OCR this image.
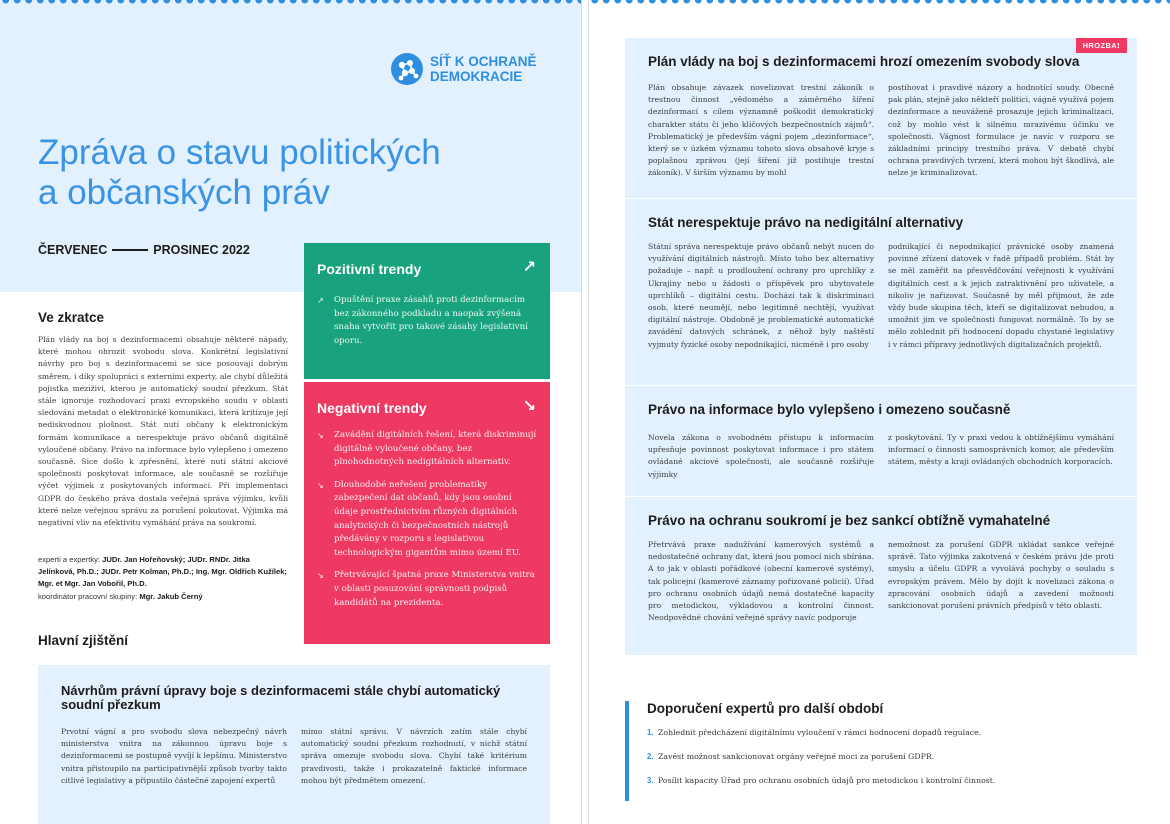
SÍŤ K OCHRANĚ
DEMOKRACIE
Zpráva o stavu politických
a občanských práv
ČERVENEC	PROSINEC 2022
Ve zkratce

Plán vlády na boj s dezinformacemi obsahuje některé nápady, které mohou ohrozit svobodu slova. Konkrétní legislativní návrhy pro boj s dezinformacemi se sice posouvají dobrým směrem, i díky spolupráci s externími experty, ale chybí důležitá pojistka meziživí, kterou je automatický soudní přezkum. Stát stále ignoruje rozhodovací praxi evropského soudu v oblasti sledování metadat o elektronické komunikaci, která kritizuje její nediskvodnou plošnost. Stát nutí občany k elektronickým formám komunikace a nerespektuje právo občanů digitálně vyloučené občany. Právo na informace bylo vylepšeno i omezeno současně. Sice došlo k zpřesnění, které nutí státní akciové společnosti poskytovat informace, ale současně se rozšiřuje výčet výjimek z poskytovaných informací. Při implementaci GDPR do českého práva dostala veřejná správa výjimku, kvůli které nelze veřejnou správu za porušení pokutovat. Výjimka má negativní vliv na efektivitu vymáhání práva na soukromí.

experti a expertky: JUDr. Jan Hořeňovský; JUDr. RNDr. Jitka Jelínková, Ph.D.; JUDr. Petr Kolman, Ph.D.; Ing. Mgr. Oldřich Kužílek; Mgr. et Mgr. Jan Vobořil, Ph.D.
koordinátor pracovní skupiny: Mgr. Jakub Černý
Pozitivní trendy	↗
↗ Opuštění praxe zásahů proti dezinformacím bez zákonného podkladu a naopak zvýšená snaha vytvořit pro takové zásahy legislativní oporu.
Negativní trendy	↘
↘ Zavádění digitálních řešení, která diskriminují digitálně vyloučené občany, bez plnohodnotných nedigitálních alternativ.
↘ Dlouhodobé neřešení problematiky zabezpečení dat občanů, kdy jsou osobní údaje prostřednictvím různých digitálních analytických či bezpečnostních nástrojů předávány v rozporu s legislativou technologickým gigantům mimo území EU.
↘ Přetrvávající špatná praxe Ministerstva vnitra v oblasti posuzování správnosti podpisů kandidátů na prezidenta.
Hlavní zjištění
Návrhům právní úpravy boje s dezinformacemi stále chybí automatický
soudní přezkum

Prvotní vágní a pro svobodu slova nebezpečný návrh ministerstva vnitra na zákonnou úpravu boje s dezinformacemi se postupně vyvíjí k lepšímu. Ministerstvo vnitra přistoupilo na participativnější způsob tvorby takto citlivé legislativy a připustilo částečné zapojení expertů

mimo státní správu. V návrzích zatím stále chybí automatický soudní přezkum rozhodnutí, v nichž státní správa omezuje svobodu slova. Chybí také kritérium pravdivosti, takže i prokazatelně faktické informace mohou být předmětem omezení.

HROZBA!
Plán vlády na boj s dezinformacemi hrozí omezením svobody slova

Plán obsahuje závazek novelizovat trestní zákoník o trestnou činnost „vědomého a záměrného šíření dezinformací s cílem významně poškodit demokratický charakter státu či jeho klíčových bezpečnostních zájmů“. Problematický je především vágní pojem „dezinformace“, který se v úzkém významu tohoto slova obsahově kryje s poplašnou zprávou (její šíření již postihuje trestní zákoník). V širším významu by mohl

postihovat i pravdivé názory a hodnotící soudy. Obecně pak plán, stejně jako někteří politici, vágně využívá pojem dezinformace a neuváženě prosazuje jejich kriminalizaci, což by mohlo vést k silnému mrazivému účinku ve společnosti. Vágnost formulace je navíc v rozporu se základními principy trestního práva. V debatě chybí ochrana pravdivých tvrzení, která mohou být škodlivá, ale nelze je kriminalizovat.

Stát nerespektuje právo na nedigitální alternativy

Státní správa nerespektuje právo občanů nebýt nucen do využívání digitálních nástrojů. Místo toho bez alternativy požaduje – např. u prodloužení ochrany pro uprchlíky z Ukrajiny nebo u žádosti o příspěvek pro ubytovatele uprchlíků – digitální cestu. Dochází tak k diskriminaci osob, které neumějí, nebo legitimně nechtějí, využívat digitální nástroje. Obdobně je problematické automatické zavádění datových schránek, z něhož byly naštěstí vyjmuty fyzické osoby nepodnikající, nicméně i pro osoby

podnikající či nepodnikající právnické osoby znamená povinné zřízení datovek v řadě případů problém. Stát by se měl zaměřit na přesvědčování veřejnosti k využívání digitálních cest a k jejich zatraktivnění pro uživatele, a nikoliv je nařizovat. Současně by měl přijmout, že zde vždy bude skupina těch, kteří se digitalizovat nebudou, a umožnit jim ve společnosti fungovat normálně. To by se mělo zohlednit při hodnocení dopadu chystané legislativy i v rámci přípravy jednotlivých digitalizačních projektů.

Právo na informace bylo vylepšeno i omezeno současně

Novela zákona o svobodném přístupu k informacím upřesňuje povinnost poskytovat informace i pro státem ovládané akciové společnosti, ale současně rozšiřuje výjimky

z poskytování. Ty v praxi vedou k obtížnějšímu vymáhání informací o činnosti samosprávních komor, ale především státem, městy a kraji ovládaných obchodních korporacích.

Právo na ochranu soukromí je bez sankcí obtížně vymahatelné

Přetrvává praxe nadužívání kamerových systémů a nedostatečné ochrany dat, která jsou pomocí nich sbírána. A to jak v oblasti pořádkové (obecní kamerové systémy), tak policejní (kamerové záznamy pořizované policií). Úřad pro ochranu osobních údajů nemá dostatečné kapacity pro metodickou, výkladovou a kontrolní činnost. Neodpovědné chování veřejné správy navíc podporuje

nemožnost za porušení GDPR ukládat sankce veřejné správě. Tato výjimka zakotvená v českém právu jde proti smyslu a účelu GDPR a vyvolává pochyby o souladu s evropským právem. Mělo by dojít k novelizaci zákona o zpracování osobních údajů a zavedení možnosti sankcionovat porušení právních předpisů v této oblasti.

Doporučení expertů pro další období
1. Zohlednit předcházení digitálnímu vyloučení v rámci hodnocení dopadů regulace.
2. Zavést možnost sankcionovat orgány veřejné moci za porušení GDPR.
3. Posílit kapacity Úřad pro ochranu osobních údajů pro metodickou i kontrolní činnost.
